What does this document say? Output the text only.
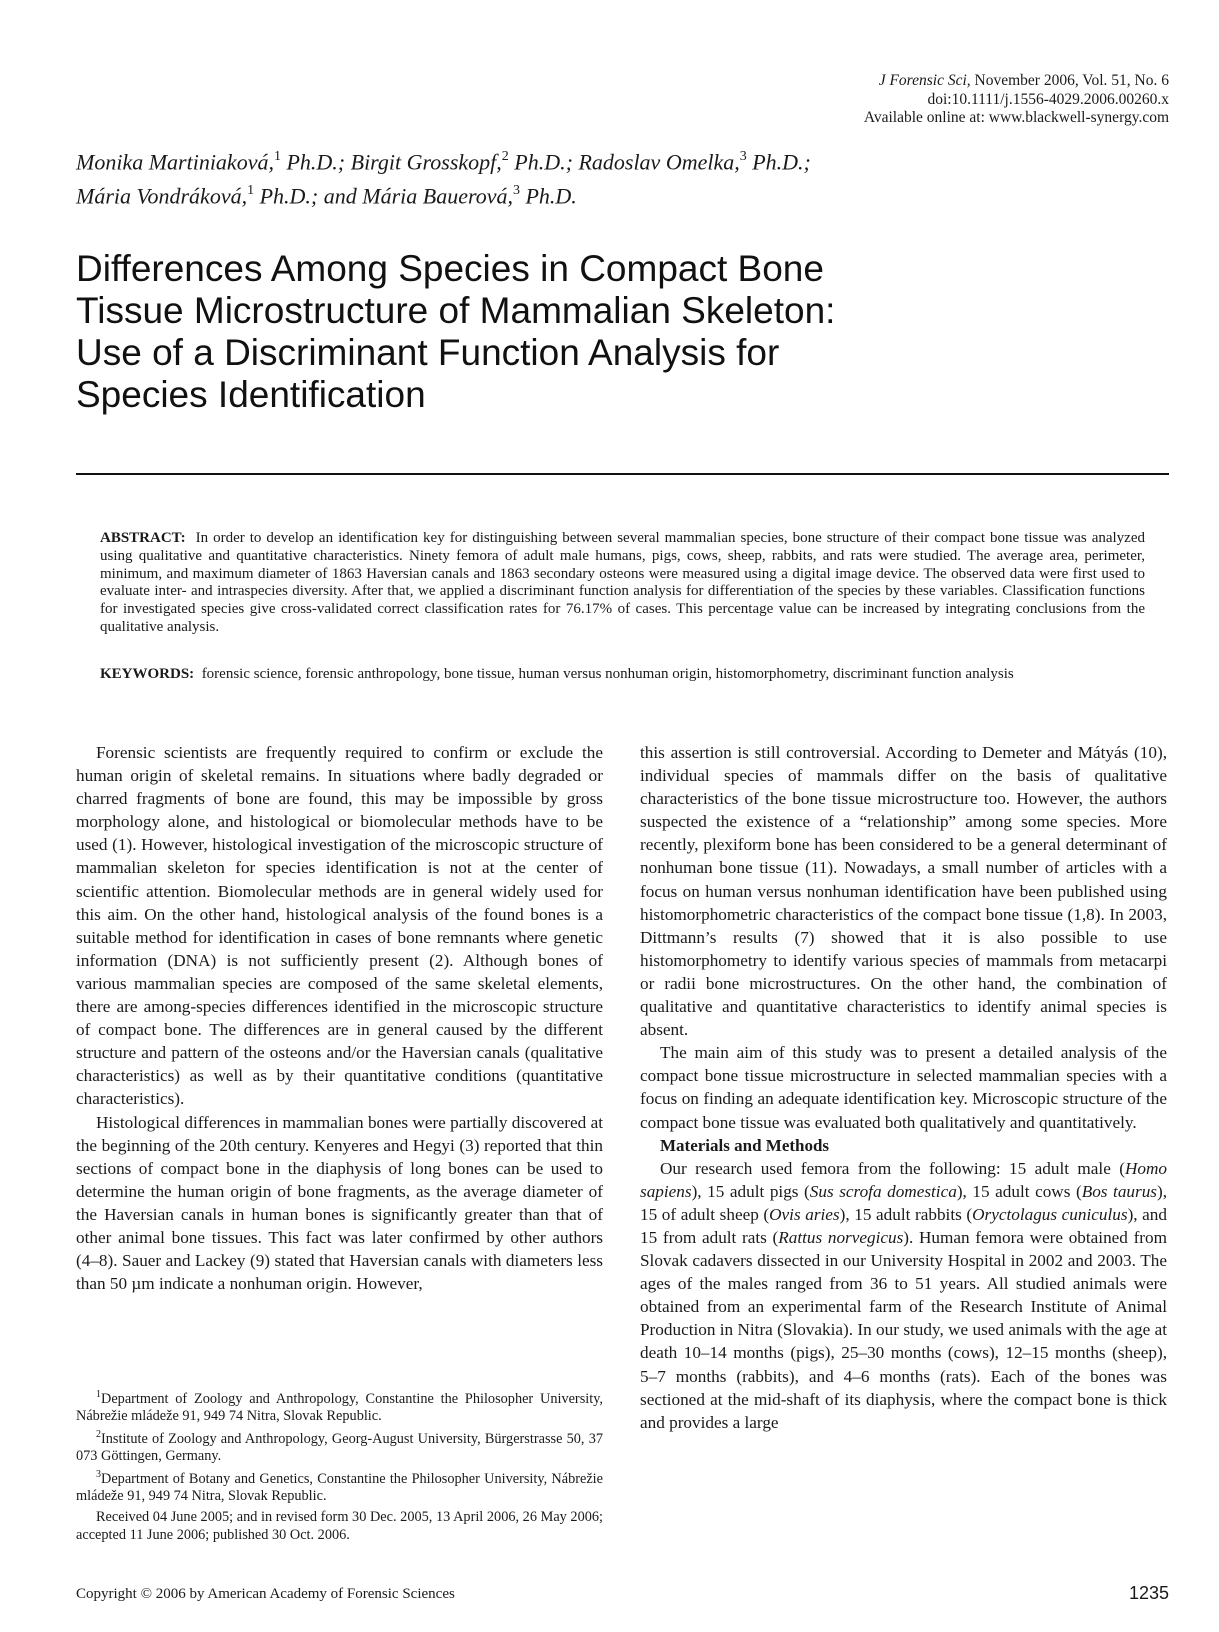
J Forensic Sci, November 2006, Vol. 51, No. 6
doi:10.1111/j.1556-4029.2006.00260.x
Available online at: www.blackwell-synergy.com
Monika Martiniaková,$^1$ Ph.D.; Birgit Grosskopf,$^2$ Ph.D.; Radoslav Omelka,$^3$ Ph.D.;
Mária Vondráková,$^1$ Ph.D.; and Mária Bauerová,$^3$ Ph.D.
Differences Among Species in Compact Bone
Tissue Microstructure of Mammalian Skeleton:
Use of a Discriminant Function Analysis for
Species Identification
ABSTRACT: In order to develop an identification key for distinguishing between several mammalian species, bone structure of their compact bone tissue was analyzed using qualitative and quantitative characteristics. Ninety femora of adult male humans, pigs, cows, sheep, rabbits, and rats were studied. The average area, perimeter, minimum, and maximum diameter of 1863 Haversian canals and 1863 secondary osteons were measured using a digital image device. The observed data were first used to evaluate inter- and intraspecies diversity. After that, we applied a discriminant function analysis for differentiation of the species by these variables. Classification functions for investigated species give cross-validated correct classification rates for 76.17% of cases. This percentage value can be increased by integrating conclusions from the qualitative analysis.
KEYWORDS: forensic science, forensic anthropology, bone tissue, human versus nonhuman origin, histomorphometry, discriminant function analysis

Forensic scientists are frequently required to confirm or exclude the human origin of skeletal remains. In situations where badly degraded or charred fragments of bone are found, this may be impossible by gross morphology alone, and histological or biomolecular methods have to be used (1). However, histological investigation of the microscopic structure of mammalian skeleton for species identification is not at the center of scientific attention. Biomolecular methods are in general widely used for this aim. On the other hand, histological analysis of the found bones is a suitable method for identification in cases of bone remnants where genetic information (DNA) is not sufficiently present (2). Although bones of various mammalian species are composed of the same skeletal elements, there are among-species differences identified in the microscopic structure of compact bone. The differences are in general caused by the different structure and pattern of the osteons and/or the Haversian canals (qualitative characteristics) as well as by their quantitative conditions (quantitative characteristics).

Histological differences in mammalian bones were partially discovered at the beginning of the 20th century. Kenyeres and Hegyi (3) reported that thin sections of compact bone in the diaphysis of long bones can be used to determine the human origin of bone fragments, as the average diameter of the Haversian canals in human bones is significantly greater than that of other animal bone tissues. This fact was later confirmed by other authors (4–8). Sauer and Lackey (9) stated that Haversian canals with diameters less than 50 µm indicate a nonhuman origin. However,

$^1$Department of Zoology and Anthropology, Constantine the Philosopher University, Nábrežie mládeže 91, 949 74 Nitra, Slovak Republic.

$^2$Institute of Zoology and Anthropology, Georg-August University, Bürgerstrasse 50, 37 073 Göttingen, Germany.

$^3$Department of Botany and Genetics, Constantine the Philosopher University, Nábrežie mládeže 91, 949 74 Nitra, Slovak Republic.

Received 04 June 2005; and in revised form 30 Dec. 2005, 13 April 2006, 26 May 2006; accepted 11 June 2006; published 30 Oct. 2006.

this assertion is still controversial. According to Demeter and Mátyás (10), individual species of mammals differ on the basis of qualitative characteristics of the bone tissue microstructure too. However, the authors suspected the existence of a “relationship” among some species. More recently, plexiform bone has been considered to be a general determinant of nonhuman bone tissue (11). Nowadays, a small number of articles with a focus on human versus nonhuman identification have been published using histomorphometric characteristics of the compact bone tissue (1,8). In 2003, Dittmann’s results (7) showed that it is also possible to use histomorphometry to identify various species of mammals from metacarpi or radii bone microstructures. On the other hand, the combination of qualitative and quantitative characteristics to identify animal species is absent.

The main aim of this study was to present a detailed analysis of the compact bone tissue microstructure in selected mammalian species with a focus on finding an adequate identification key. Microscopic structure of the compact bone tissue was evaluated both qualitatively and quantitatively.

Materials and Methods

Our research used femora from the following: 15 adult male (Homo sapiens), 15 adult pigs (Sus scrofa domestica), 15 adult cows (Bos taurus), 15 of adult sheep (Ovis aries), 15 adult rabbits (Oryctolagus cuniculus), and 15 from adult rats (Rattus norvegicus). Human femora were obtained from Slovak cadavers dissected in our University Hospital in 2002 and 2003. The ages of the males ranged from 36 to 51 years. All studied animals were obtained from an experimental farm of the Research Institute of Animal Production in Nitra (Slovakia). In our study, we used animals with the age at death 10–14 months (pigs), 25–30 months (cows), 12–15 months (sheep), 5–7 months (rabbits), and 4–6 months (rats). Each of the bones was sectioned at the mid-shaft of its diaphysis, where the compact bone is thick and provides a large

Copyright © 2006 by American Academy of Forensic Sciences	1235
